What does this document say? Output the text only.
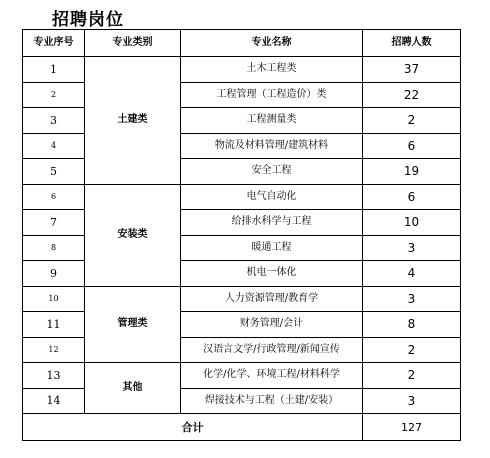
招聘岗位
专业序号	专业类别	专业名称	招聘人数
1	土建类	土木工程类	37
2		工程管理（工程造价）类	22
3		工程测量类	2
4		物流及材料管理/建筑材料	6
5		安全工程	19
6	安装类	电气自动化	6
7		给排水科学与工程	10
8		暖通工程	3
9		机电一体化	4
10	管理类	人力资源管理/教育学	3
11		财务管理/会计	8
12		汉语言文学/行政管理/新闻宣传	2
13	其他	化学/化学、环境工程/材料科学	2
14		焊接技术与工程（土建/安装）	3
合计			127
